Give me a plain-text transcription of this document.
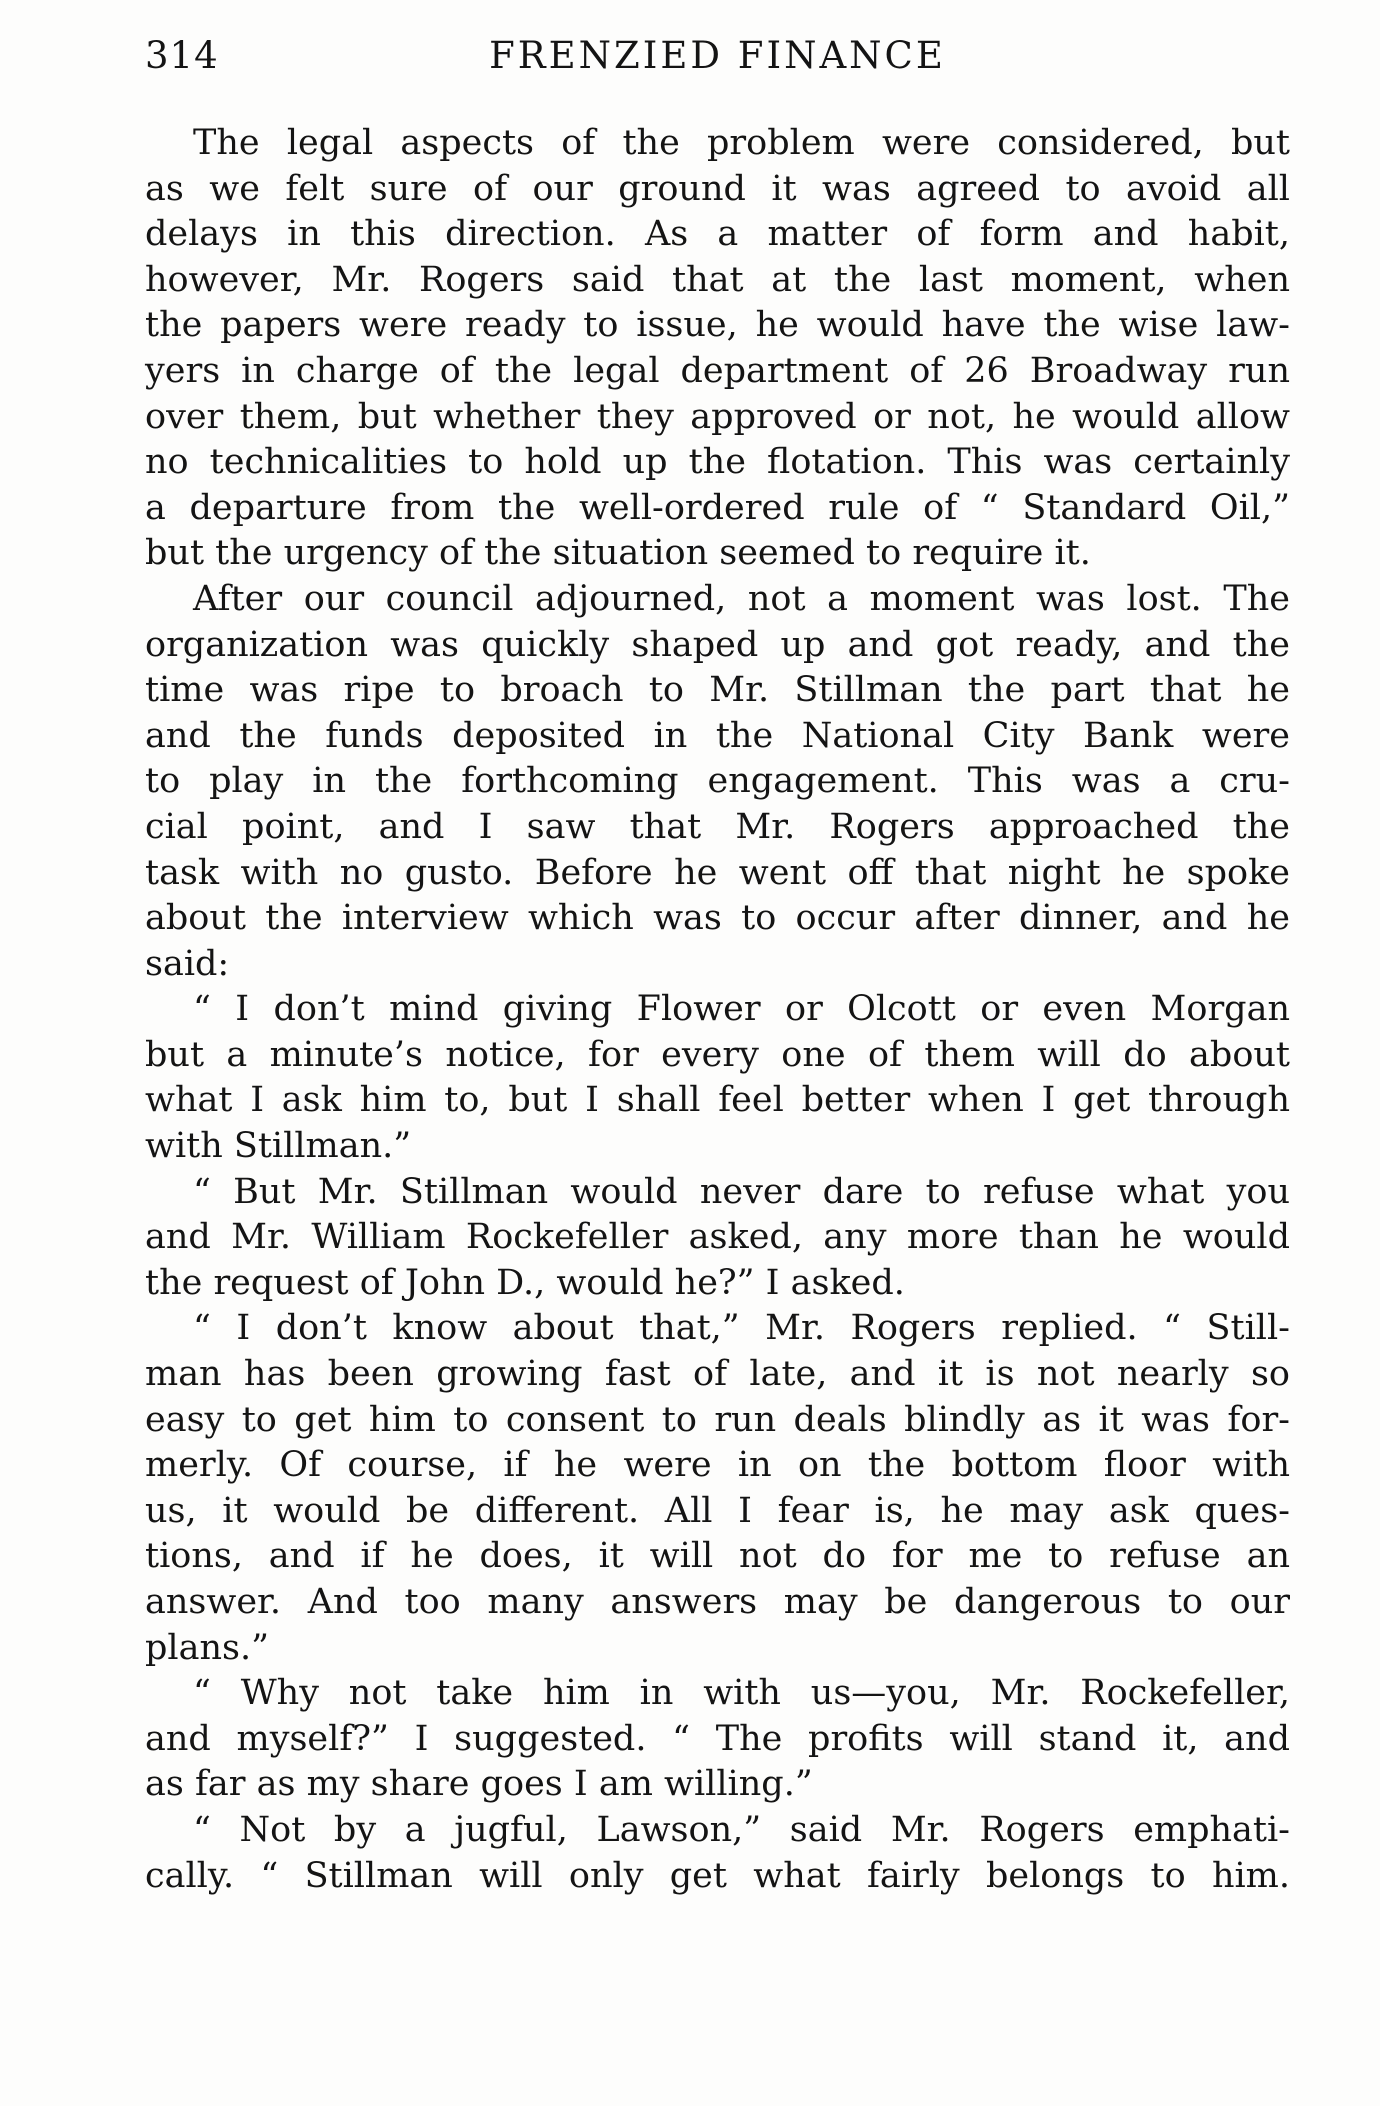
314	FRENZIED FINANCE
The legal aspects of the problem were considered, but
as we felt sure of our ground it was agreed to avoid all
delays in this direction. As a matter of form and habit,
however, Mr. Rogers said that at the last moment, when
the papers were ready to issue, he would have the wise law-
yers in charge of the legal department of 26 Broadway run
over them, but whether they approved or not, he would allow
no technicalities to hold up the flotation. This was certainly
a departure from the well-ordered rule of “ Standard Oil,”
but the urgency of the situation seemed to require it.
After our council adjourned, not a moment was lost. The
organization was quickly shaped up and got ready, and the
time was ripe to broach to Mr. Stillman the part that he
and the funds deposited in the National City Bank were
to play in the forthcoming engagement. This was a cru-
cial point, and I saw that Mr. Rogers approached the
task with no gusto. Before he went off that night he spoke
about the interview which was to occur after dinner, and he
said:
“ I don’t mind giving Flower or Olcott or even Morgan
but a minute’s notice, for every one of them will do about
what I ask him to, but I shall feel better when I get through
with Stillman.”
“ But Mr. Stillman would never dare to refuse what you
and Mr. William Rockefeller asked, any more than he would
the request of John D., would he?” I asked.
“ I don’t know about that,” Mr. Rogers replied. “ Still-
man has been growing fast of late, and it is not nearly so
easy to get him to consent to run deals blindly as it was for-
merly. Of course, if he were in on the bottom floor with
us, it would be different. All I fear is, he may ask ques-
tions, and if he does, it will not do for me to refuse an
answer. And too many answers may be dangerous to our
plans.”
“ Why not take him in with us—you, Mr. Rockefeller,
and myself?” I suggested. “ The profits will stand it, and
as far as my share goes I am willing.”
“ Not by a jugful, Lawson,” said Mr. Rogers emphati-
cally. “ Stillman will only get what fairly belongs to him.
